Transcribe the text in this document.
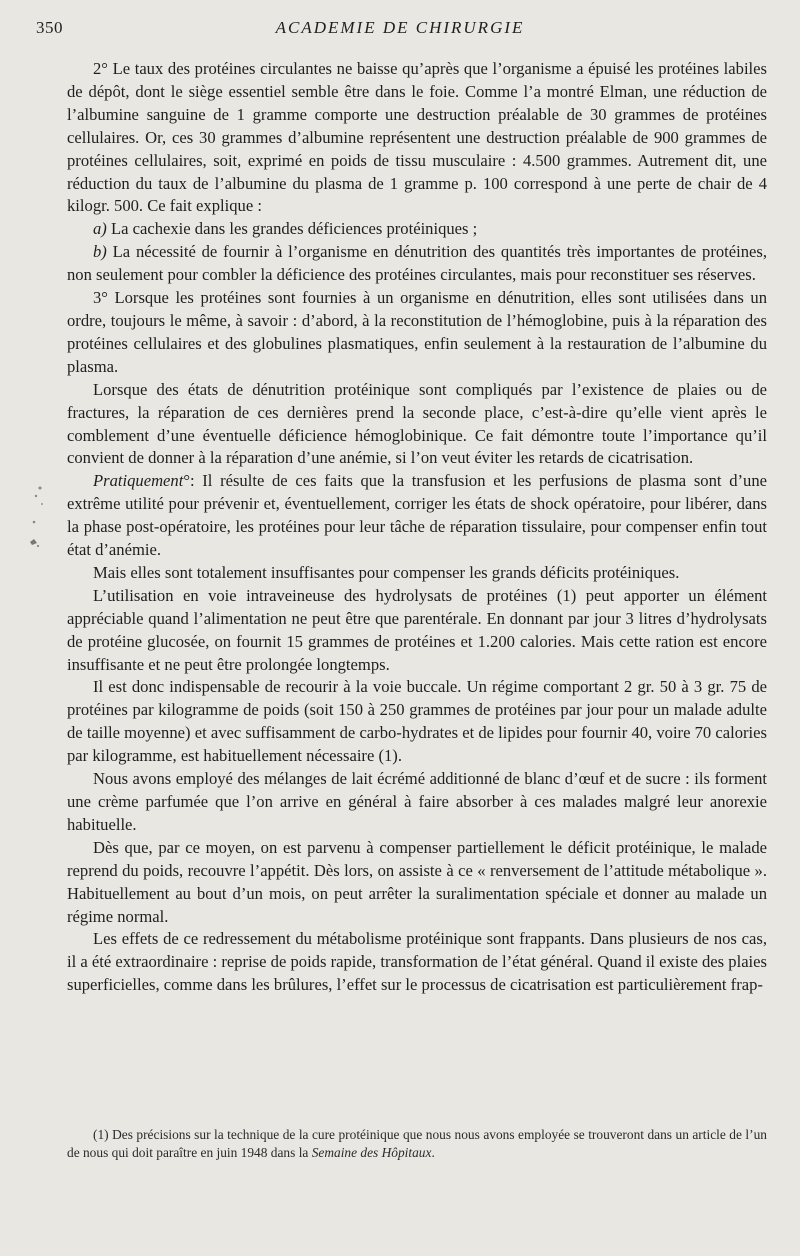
350	ACADEMIE DE CHIRURGIE

2° Le taux des protéines circulantes ne baisse qu’après que l’organisme a épuisé les protéines labiles de dépôt, dont le siège essentiel semble être dans le foie. Comme l’a montré Elman, une réduction de l’albumine sanguine de 1 gramme comporte une destruction préalable de 30 grammes de protéines cellulaires. Or, ces 30 grammes d’albumine représentent une destruction préalable de 900 grammes de protéines cellulaires, soit, exprimé en poids de tissu musculaire : 4.500 grammes. Autrement dit, une réduction du taux de l’albumine du plasma de 1 gramme p. 100 correspond à une perte de chair de 4 kilogr. 500. Ce fait explique :

a) La cachexie dans les grandes déficiences protéiniques ;

b) La nécessité de fournir à l’organisme en dénutrition des quantités très importantes de protéines, non seulement pour combler la déficience des protéines circulantes, mais pour reconstituer ses réserves.

3° Lorsque les protéines sont fournies à un organisme en dénutrition, elles sont utilisées dans un ordre, toujours le même, à savoir : d’abord, à la reconstitution de l’hémoglobine, puis à la réparation des protéines cellulaires et des globulines plasmatiques, enfin seulement à la restauration de l’albumine du plasma.

Lorsque des états de dénutrition protéinique sont compliqués par l’existence de plaies ou de fractures, la réparation de ces dernières prend la seconde place, c’est-à-dire qu’elle vient après le comblement d’une éventuelle déficience hémoglobinique. Ce fait démontre toute l’importance qu’il convient de donner à la réparation d’une anémie, si l’on veut éviter les retards de cicatrisation.

Pratiquement°: Il résulte de ces faits que la transfusion et les perfusions de plasma sont d’une extrême utilité pour prévenir et, éventuellement, corriger les états de shock opératoire, pour libérer, dans la phase post-opératoire, les protéines pour leur tâche de réparation tissulaire, pour compenser enfin tout état d’anémie.

Mais elles sont totalement insuffisantes pour compenser les grands déficits protéiniques.

L’utilisation en voie intraveineuse des hydrolysats de protéines (1) peut apporter un élément appréciable quand l’alimentation ne peut être que parentérale. En donnant par jour 3 litres d’hydrolysats de protéine glucosée, on fournit 15 grammes de protéines et 1.200 calories. Mais cette ration est encore insuffisante et ne peut être prolongée longtemps.

Il est donc indispensable de recourir à la voie buccale. Un régime comportant 2 gr. 50 à 3 gr. 75 de protéines par kilogramme de poids (soit 150 à 250 grammes de protéines par jour pour un malade adulte de taille moyenne) et avec suffisamment de carbo-hydrates et de lipides pour fournir 40, voire 70 calories par kilogramme, est habituellement nécessaire (1).

Nous avons employé des mélanges de lait écrémé additionné de blanc d’œuf et de sucre : ils forment une crème parfumée que l’on arrive en général à faire absorber à ces malades malgré leur anorexie habituelle.

Dès que, par ce moyen, on est parvenu à compenser partiellement le déficit protéinique, le malade reprend du poids, recouvre l’appétit. Dès lors, on assiste à ce « renversement de l’attitude métabolique ». Habituellement au bout d’un mois, on peut arrêter la suralimentation spéciale et donner au malade un régime normal.

Les effets de ce redressement du métabolisme protéinique sont frappants. Dans plusieurs de nos cas, il a été extraordinaire : reprise de poids rapide, transformation de l’état général. Quand il existe des plaies superficielles, comme dans les brûlures, l’effet sur le processus de cicatrisation est particulièrement frap-

(1) Des précisions sur la technique de la cure protéinique que nous nous avons employée se trouveront dans un article de l’un de nous qui doit paraître en juin 1948 dans la Semaine des Hôpitaux.
